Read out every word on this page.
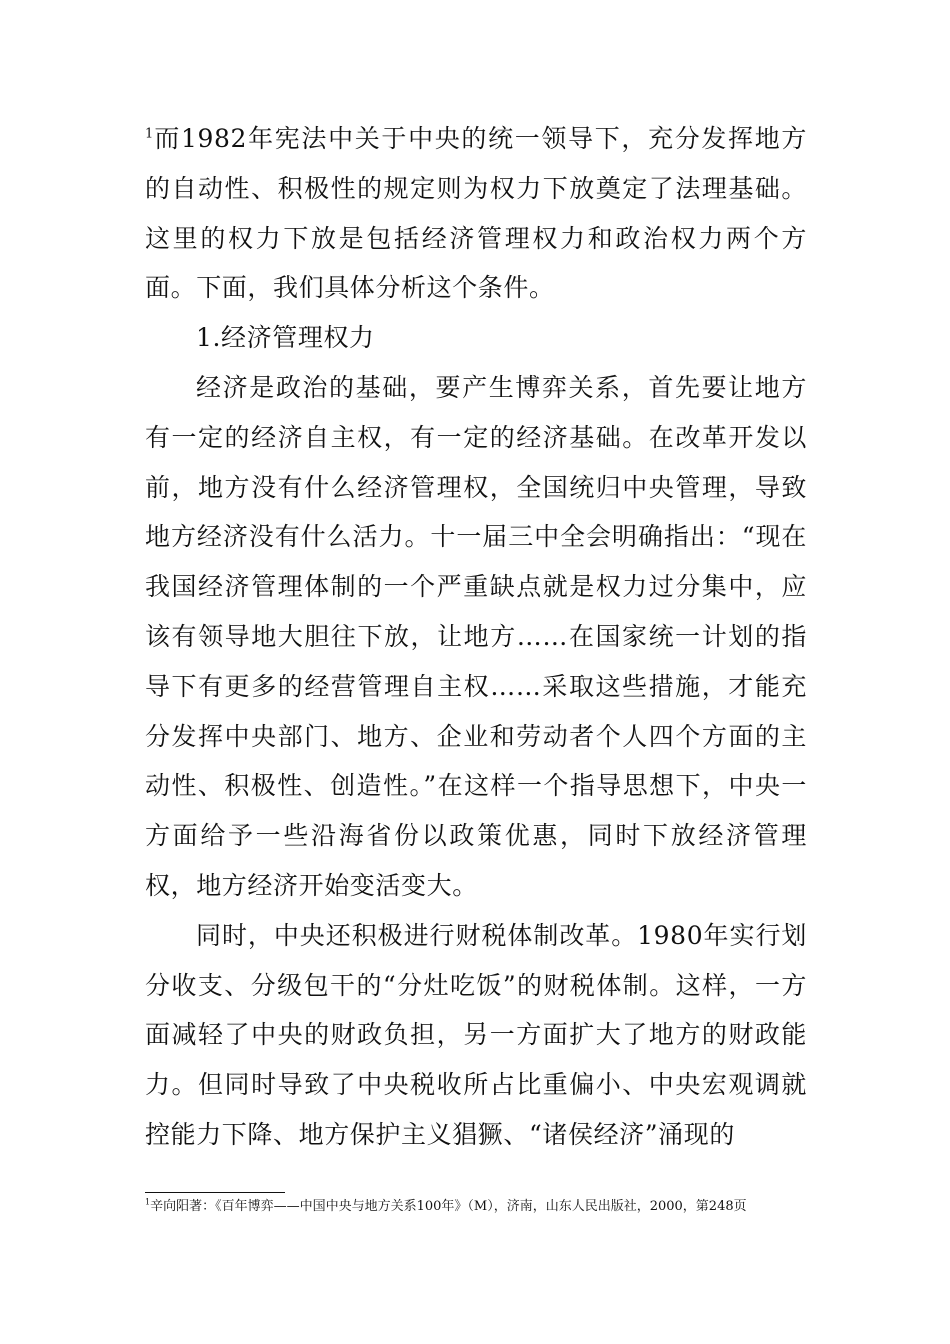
$^1$而1982年宪法中关于中央的统一领导下，充分发挥地方的自动性、积极性的规定则为权力下放奠定了法理基础。这里的权力下放是包括经济管理权力和政治权力两个方面。下面，我们具体分析这个条件。

1.经济管理权力

经济是政治的基础，要产生博弈关系，首先要让地方有一定的经济自主权，有一定的经济基础。在改革开发以前，地方没有什么经济管理权，全国统归中央管理，导致地方经济没有什么活力。十一届三中全会明确指出：“现在我国经济管理体制的一个严重缺点就是权力过分集中，应该有领导地大胆往下放，让地方……在国家统一计划的指导下有更多的经营管理自主权……采取这些措施，才能充分发挥中央部门、地方、企业和劳动者个人四个方面的主动性、积极性、创造性。”在这样一个指导思想下，中央一方面给予一些沿海省份以政策优惠，同时下放经济管理权，地方经济开始变活变大。

同时，中央还积极进行财税体制改革。1980年实行划分收支、分级包干的“分灶吃饭”的财税体制。这样，一方面减轻了中央的财政负担，另一方面扩大了地方的财政能力。但同时导致了中央税收所占比重偏小、中央宏观调就控能力下降、地方保护主义猖獗、“诸侯经济”涌现的

$^1$辛向阳著：《百年博弈——中国中央与地方关系100年》（M），济南，山东人民出版社，2000，第248页
